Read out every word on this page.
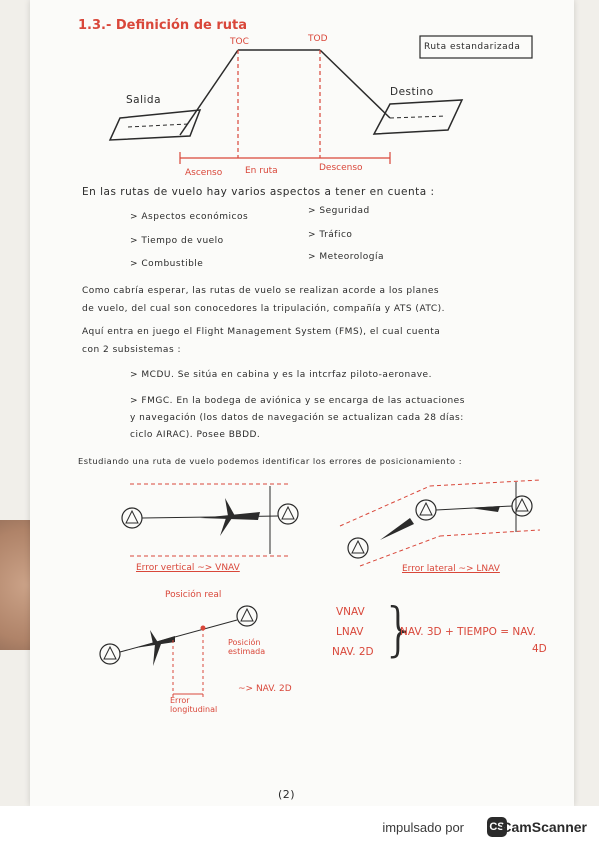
1.3.- Definición de ruta
TOC	TOD
Ruta estandarizada
Salida
Destino
Ascenso	En ruta	Descenso
En las rutas de vuelo hay varios aspectos a tener en cuenta :
> Aspectos económicos
> Tiempo de vuelo
> Combustible
> Seguridad
> Tráfico
> Meteorología
Como cabría esperar, las rutas de vuelo se realizan acorde a los planes
de vuelo, del cual son conocedores la tripulación, compañía y ATS (ATC).
Aquí entra en juego el Flight Management System (FMS), el cual cuenta
con 2 subsistemas :
> MCDU. Se sitúa en cabina y es la intcrfaz piloto-aeronave.
> FMGC. En la bodega de aviónica y se encarga de las actuaciones
y navegación (los datos de navegación se actualizan cada 28 días:
ciclo AIRAC). Posee BBDD.
Estudiando una ruta de vuelo podemos identificar los errores de posicionamiento :
Error vertical ~> VNAV	Error lateral ~> LNAV
Posición real
Posición estimada
Error longitudinal
~> NAV. 2D
VNAV
LNAV
NAV. 2D }
NAV. 3D + TIEMPO = NAV.
4D
(2)
impulsado por CS
CamScanner
